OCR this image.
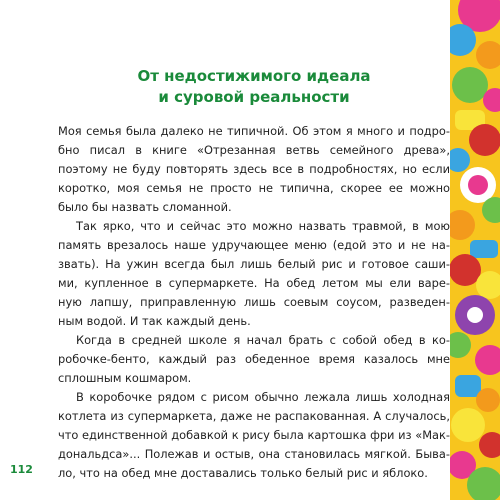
От недостижимого идеала
и суровой реальности
Моя семья была далеко не типичной. Об этом я много и подро-
бно писал в книге «Отрезанная ветвь семейного древа»,
поэтому не буду повторять здесь все в подробностях, но если
коротко, моя семья не просто не типична, скорее ее можно
было бы назвать сломанной.
Так ярко, что и сейчас это можно назвать травмой, в мою
память врезалось наше удручающее меню (едой это и не на-
звать). На ужин всегда был лишь белый рис и готовое саши-
ми, купленное в супермаркете. На обед летом мы ели варе-
ную лапшу, приправленную лишь соевым соусом, разведен-
ным водой. И так каждый день.
Когда в средней школе я начал брать с собой обед в ко-
робочке-бенто, каждый раз обеденное время казалось мне
сплошным кошмаром.
В коробочке рядом с рисом обычно лежала лишь холодная
котлета из супермаркета, даже не распакованная. А случалось,
что единственной добавкой к рису была картошка фри из «Мак-
дональдса»... Полежав и остыв, она становилась мягкой. Быва-
ло, что на обед мне доставались только белый рис и яблоко.
112
